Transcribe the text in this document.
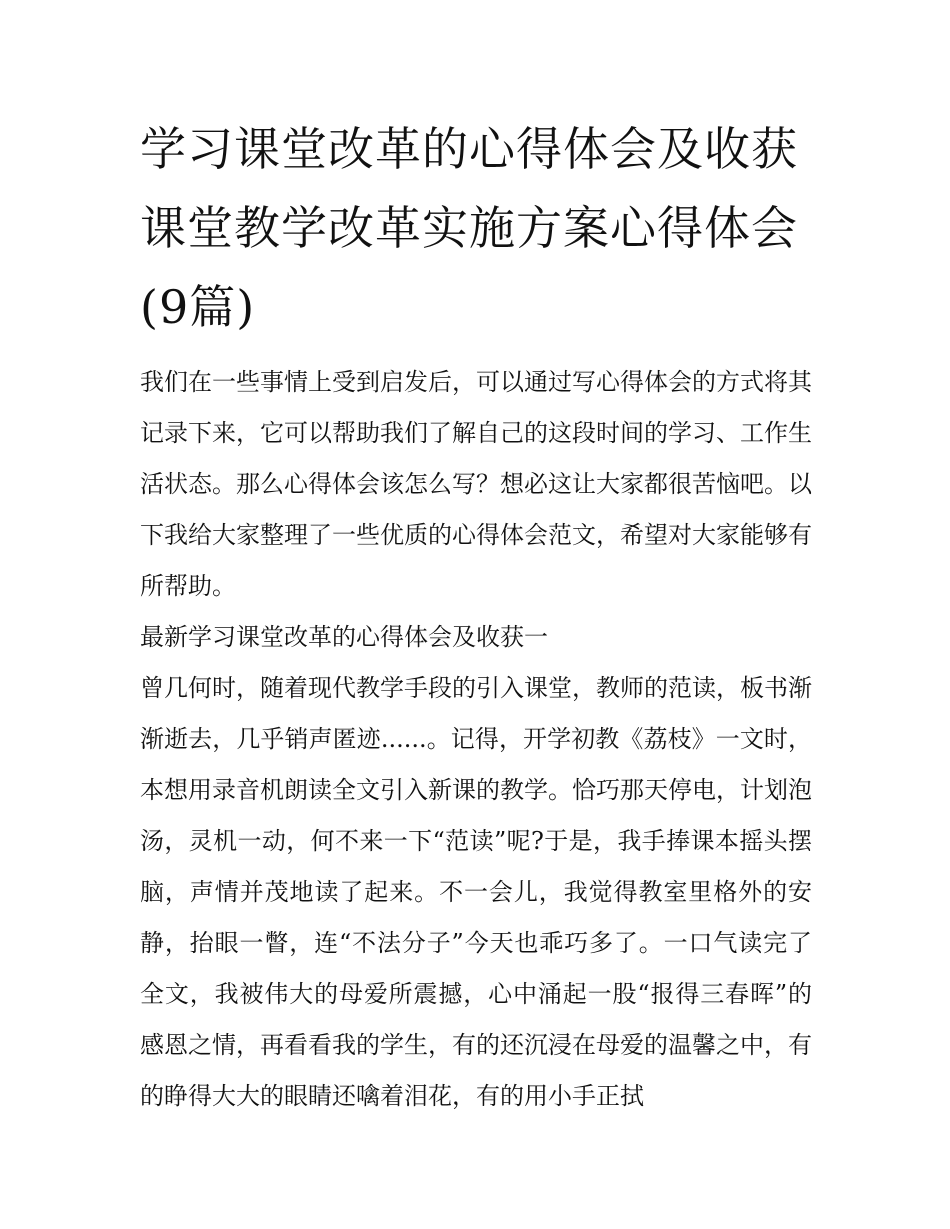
学习课堂改革的心得体会及收获 课堂教学改革实施方案心得体会(9篇)

我们在一些事情上受到启发后，可以通过写心得体会的方式将其记录下来，它可以帮助我们了解自己的这段时间的学习、工作生活状态。那么心得体会该怎么写？想必这让大家都很苦恼吧。以下我给大家整理了一些优质的心得体会范文，希望对大家能够有所帮助。

最新学习课堂改革的心得体会及收获一

曾几何时，随着现代教学手段的引入课堂，教师的范读，板书渐渐逝去，几乎销声匿迹......。记得，开学初教《荔枝》一文时，本想用录音机朗读全文引入新课的教学。恰巧那天停电，计划泡汤，灵机一动，何不来一下“范读”呢?于是，我手捧课本摇头摆脑，声情并茂地读了起来。不一会儿，我觉得教室里格外的安静，抬眼一瞥，连“不法分子”今天也乖巧多了。一口气读完了全文，我被伟大的母爱所震撼，心中涌起一股“报得三春晖”的感恩之情，再看看我的学生，有的还沉浸在母爱的温馨之中，有的睁得大大的眼睛还噙着泪花，有的用小手正拭
